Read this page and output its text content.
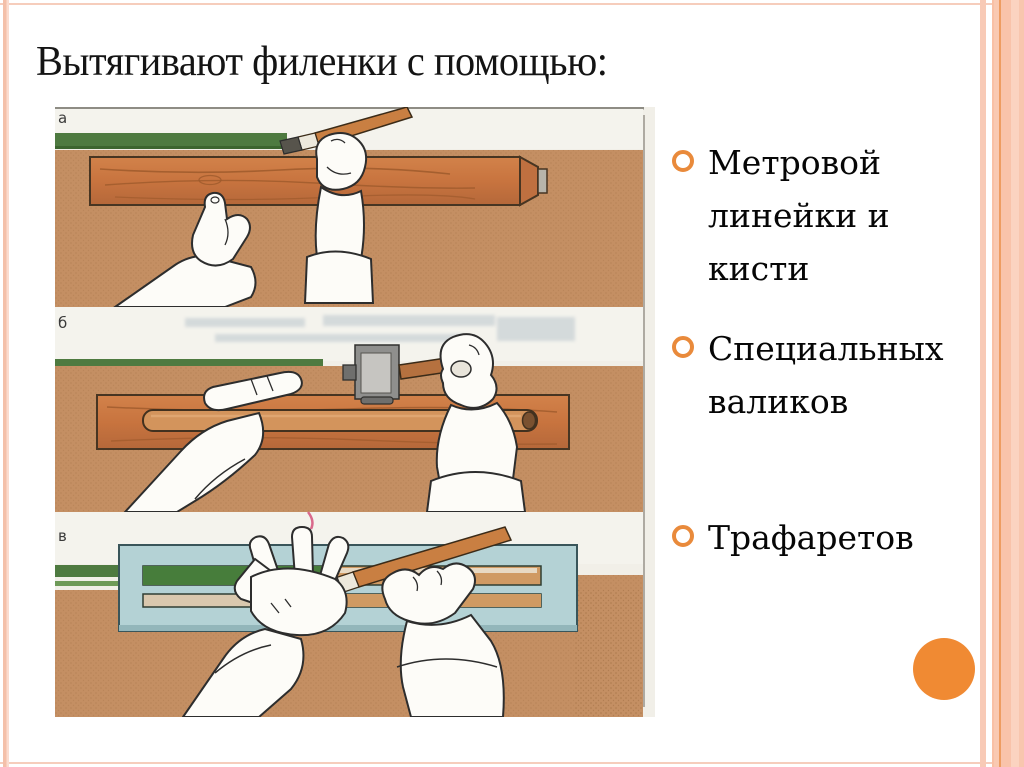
Вытягивают филенки с помощью:
а
б
в
Метровой линейки и кисти
Специальных валиков
Трафаретов
